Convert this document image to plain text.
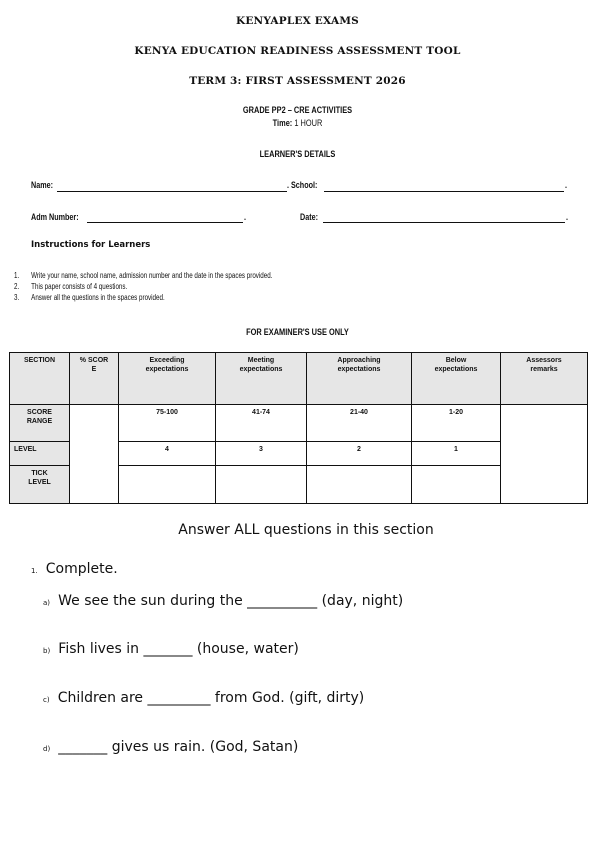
KENYAPLEX EXAMS
KENYA EDUCATION READINESS ASSESSMENT TOOL
TERM 3: FIRST ASSESSMENT 2026
GRADE PP2 – CRE ACTIVITIES
Time: 1 HOUR
LEARNER'S DETAILS
Name:	. School:	.
Adm Number:	.	Date:	.
Instructions for Learners
1. Write your name, school name, admission number and the date in the spaces provided.
2. This paper consists of 4 questions.
3. Answer all the questions in the spaces provided.
FOR EXAMINER'S USE ONLY
SECTION	% SCOR E	Exceeding expectations	Meeting expectations	Approaching expectations	Below expectations	Assessors remarks
SCORE RANGE		75-100	41-74	21-40	1-20	
LEVEL		4	3	2	1	
TICK LEVEL						
Answer ALL questions in this section
1. Complete.
a) We see the sun during the __________ (day, night)
b) Fish lives in _______ (house, water)
c) Children are _________ from God. (gift, dirty)
d) _______ gives us rain. (God, Satan)
